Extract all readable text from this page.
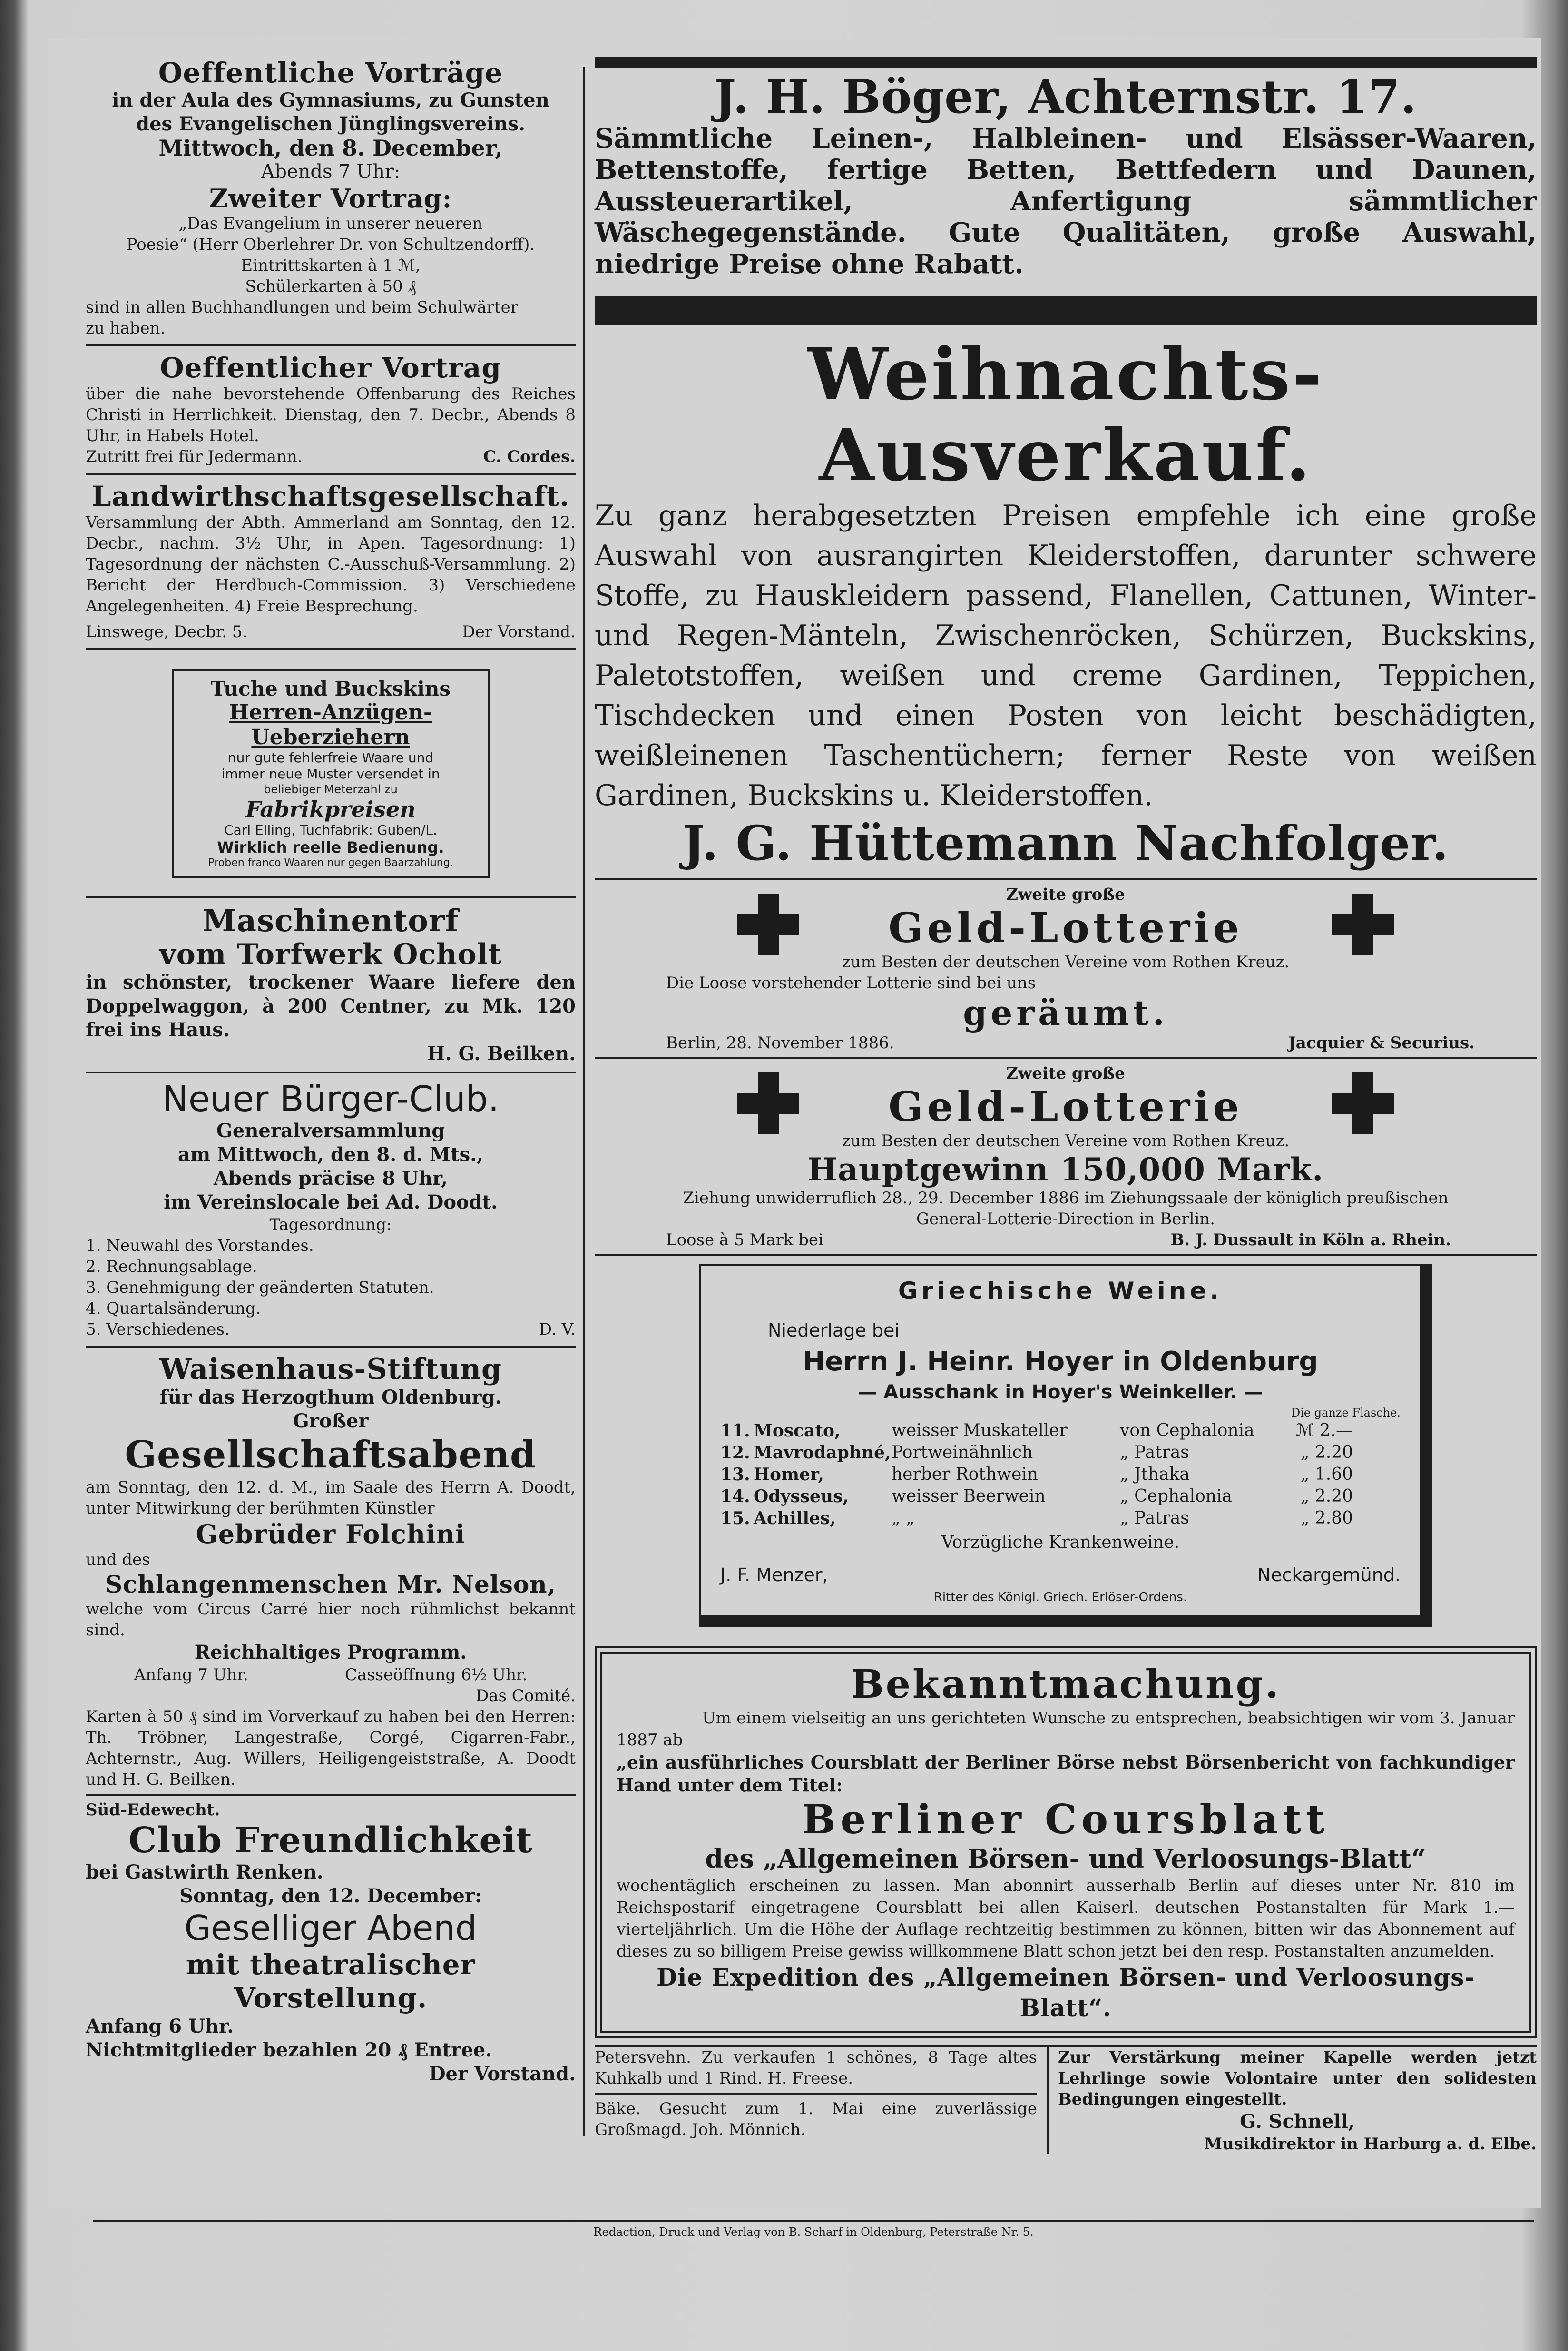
Oeffentliche Vorträge

in der Aula des Gymnasiums, zu Gunsten

des Evangelischen Jünglingsvereins.

Mittwoch, den 8. December,

Abends 7 Uhr:

Zweiter Vortrag:

„Das Evangelium in unserer neueren

Poesie“ (Herr Oberlehrer Dr. von Schultzendorff).

Eintrittskarten à 1 ℳ,

Schülerkarten à 50 ₰

sind in allen Buchhandlungen und beim Schulwärter

zu haben.

Oeffentlicher Vortrag

über die nahe bevorstehende Offenbarung des Reiches Christi in Herrlichkeit. Dienstag, den 7. Decbr., Abends 8 Uhr, in Habels Hotel.

Zutritt frei für Jedermann.	C. Cordes.

Landwirthschaftsgesellschaft.

Versammlung der Abth. Ammerland am Sonntag, den 12. Decbr., nachm. 3½ Uhr, in Apen. Tagesordnung: 1) Tagesordnung der nächsten C.-Ausschuß-Versammlung. 2) Bericht der Herdbuch-Commission. 3) Verschiedene Angelegenheiten. 4) Freie Besprechung.

Linswege, Decbr. 5.	Der Vorstand.

Tuche und Buckskins

Herren-Anzügen-Ueberziehern

nur gute fehlerfreie Waare und

immer neue Muster versendet in

beliebiger Meterzahl zu

Fabrikpreisen

Carl Elling, Tuchfabrik: Guben/L.

Wirklich reelle Bedienung.

Proben franco Waaren nur gegen Baarzahlung.

Maschinentorf

vom Torfwerk Ocholt

in schönster, trockener Waare liefere den Doppelwaggon, à 200 Centner, zu Mk. 120 frei ins Haus.

H. G. Beilken.

Neuer Bürger-Club.

Generalversammlung

am Mittwoch, den 8. d. Mts.,

Abends präcise 8 Uhr,

im Vereinslocale bei Ad. Doodt.

Tagesordnung:

1. Neuwahl des Vorstandes.
2. Rechnungsablage.
3. Genehmigung der geänderten Statuten.
4. Quartalsänderung.
5. Verschiedenes.	D. V.

Waisenhaus-Stiftung

für das Herzogthum Oldenburg.

Großer

Gesellschaftsabend

am Sonntag, den 12. d. M., im Saale des Herrn A. Doodt, unter Mitwirkung der berühmten Künstler

Gebrüder Folchini

und des

Schlangenmenschen Mr. Nelson,

welche vom Circus Carré hier noch rühmlichst bekannt sind.

Reichhaltiges Programm.

Anfang 7 Uhr.	Casseöffnung 6½ Uhr.

Das Comité.

Karten à 50 ₰ sind im Vorverkauf zu haben bei den Herren: Th. Tröbner, Langestraße, Corgé, Cigarren-Fabr., Achternstr., Aug. Willers, Heiligengeiststraße, A. Doodt und H. G. Beilken.

Süd-Edewecht.

Club Freundlichkeit

bei Gastwirth Renken.

Sonntag, den 12. December:

Geselliger Abend

mit theatralischer Vorstellung.

Anfang 6 Uhr.

Nichtmitglieder bezahlen 20 ₰ Entree.

Der Vorstand.

J. H. Böger, Achternstr. 17.

Sämmtliche Leinen-, Halbleinen- und Elsässer-Waaren, Bettenstoffe, fertige Betten, Bettfedern und Daunen, Aussteuerartikel, Anfertigung sämmtlicher Wäschegegenstände. Gute Qualitäten, große Auswahl, niedrige Preise ohne Rabatt.

Weihnachts-Ausverkauf.

Zu ganz herabgesetzten Preisen empfehle ich eine große Auswahl von ausrangirten Kleiderstoffen, darunter schwere Stoffe, zu Hauskleidern passend, Flanellen, Cattunen, Winter- und Regen-Mänteln, Zwischenröcken, Schürzen, Buckskins, Paletotstoffen, weißen und creme Gardinen, Teppichen, Tischdecken und einen Posten von leicht beschädigten, weißleinenen Taschentüchern; ferner Reste von weißen Gardinen, Buckskins u. Kleiderstoffen.

J. G. Hüttemann Nachfolger.

Zweite große

Geld-Lotterie

zum Besten der deutschen Vereine vom Rothen Kreuz.

Die Loose vorstehender Lotterie sind bei uns

geräumt.

Berlin, 28. November 1886.	Jacquier & Securius.

Zweite große

Geld-Lotterie

zum Besten der deutschen Vereine vom Rothen Kreuz.

Hauptgewinn 150,000 Mark.

Ziehung unwiderruflich 28., 29. December 1886 im Ziehungssaale der königlich preußischen

General-Lotterie-Direction in Berlin.

Loose à 5 Mark bei	B. J. Dussault in Köln a. Rhein.

Griechische Weine.

Niederlage bei

Herrn J. Heinr. Hoyer in Oldenburg

— Ausschank in Hoyer's Weinkeller. —

Die ganze Flasche.

11. Moscato,	weisser Muskateller	von Cephalonia	ℳ 2.—
12. Mavrodaphné, Portweinähnlich	„ Patras	„ 2.20
13. Homer,	herber Rothwein	„ Jthaka	„ 1.60
14. Odysseus,	weisser Beerwein	„ Cephalonia	„ 2.20
15. Achilles,	„ „	„ Patras	„ 2.80

Vorzügliche Krankenweine.

J. F. Menzer,	Neckargemünd.

Ritter des Königl. Griech. Erlöser-Ordens.

Bekanntmachung.

Um einem vielseitig an uns gerichteten Wunsche zu entsprechen, beabsichtigen wir vom 3. Januar 1887 ab

„ein ausführliches Coursblatt der Berliner Börse nebst Börsenbericht von fachkundiger Hand unter dem Titel:

Berliner Coursblatt

des „Allgemeinen Börsen- und Verloosungs-Blatt“

wochentäglich erscheinen zu lassen. Man abonnirt ausserhalb Berlin auf dieses unter Nr. 810 im Reichspostarif eingetragene Coursblatt bei allen Kaiserl. deutschen Postanstalten für Mark 1.— vierteljährlich. Um die Höhe der Auflage rechtzeitig bestimmen zu können, bitten wir das Abonnement auf dieses zu so billigem Preise gewiss willkommene Blatt schon jetzt bei den resp. Postanstalten anzumelden.

Die Expedition des „Allgemeinen Börsen- und Verloosungs-Blatt“.

Petersvehn. Zu verkaufen 1 schönes, 8 Tage altes Kuhkalb und 1 Rind. H. Freese.

Bäke. Gesucht zum 1. Mai eine zuverlässige Großmagd. Joh. Mönnich.

Zur Verstärkung meiner Kapelle werden jetzt Lehrlinge sowie Volontaire unter den solidesten Bedingungen eingestellt.

G. Schnell,

Musikdirektor in Harburg a. d. Elbe.

Redaction, Druck und Verlag von B. Scharf in Oldenburg, Peterstraße Nr. 5.
